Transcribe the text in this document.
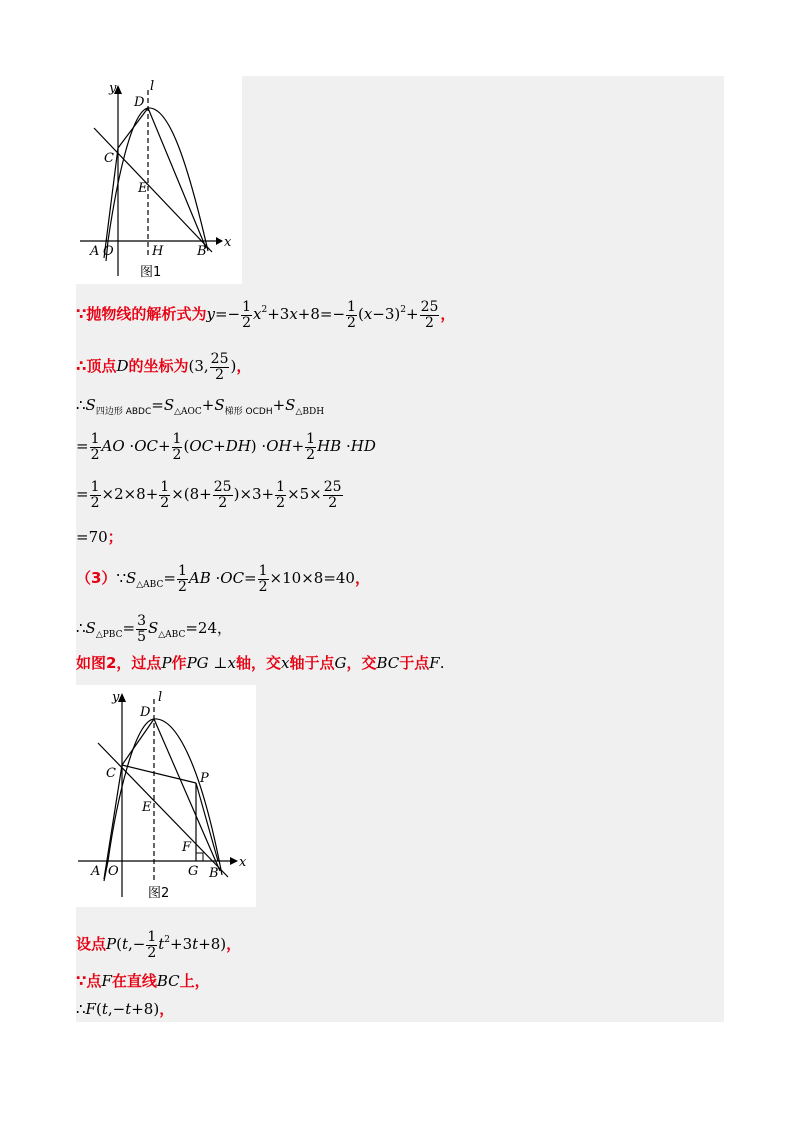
y	l
D
C
E
A O	H	B
x
图1
∵抛物线的解析式为$y=- \frac{1}{2} x^2+3x+8=- \frac{1}{2} (x-3)^2+ \frac{25}{2}$ ，
∴顶点D的坐标为(3, $\frac{25}{2}$ )，
$\therefore S_{四边形 ABDC}=S_{\triangle AOC}+S_{梯形 OCDH}+S_{\triangle BDH}$
= $\frac{1}{2}$ AO $\cdot OC+ \frac{1}{2} (OC+DH) \cdot OH+ \frac{1}{2}$ HB ·HD
= $\frac{1}{2} \times 2\times 8+ \frac{1}{2} \times(8+ \frac{25}{2} )\times 3+ \frac{1}{2} \times 5\times \frac{25}{2}$
=70；
$(3)\because S_{\triangle ABC}= \frac{1}{2}$ AB $\cdot OC= \frac{1}{2} \times 10\times 8=40$，
$\therefore S_{\triangle PBC}= \frac{3}{5} S_{\triangle ABC}=24$，
如图2，过点P作PG ⊥x轴，交x轴于点G，交BC于点F.
y	l
D
C	P
E
F
G
A O	B
x
图2
设点$P(t,- \frac{1}{2} t^2+3t+8)$，
∵点F在直线BC上，
∴F(t,−t+8)，
